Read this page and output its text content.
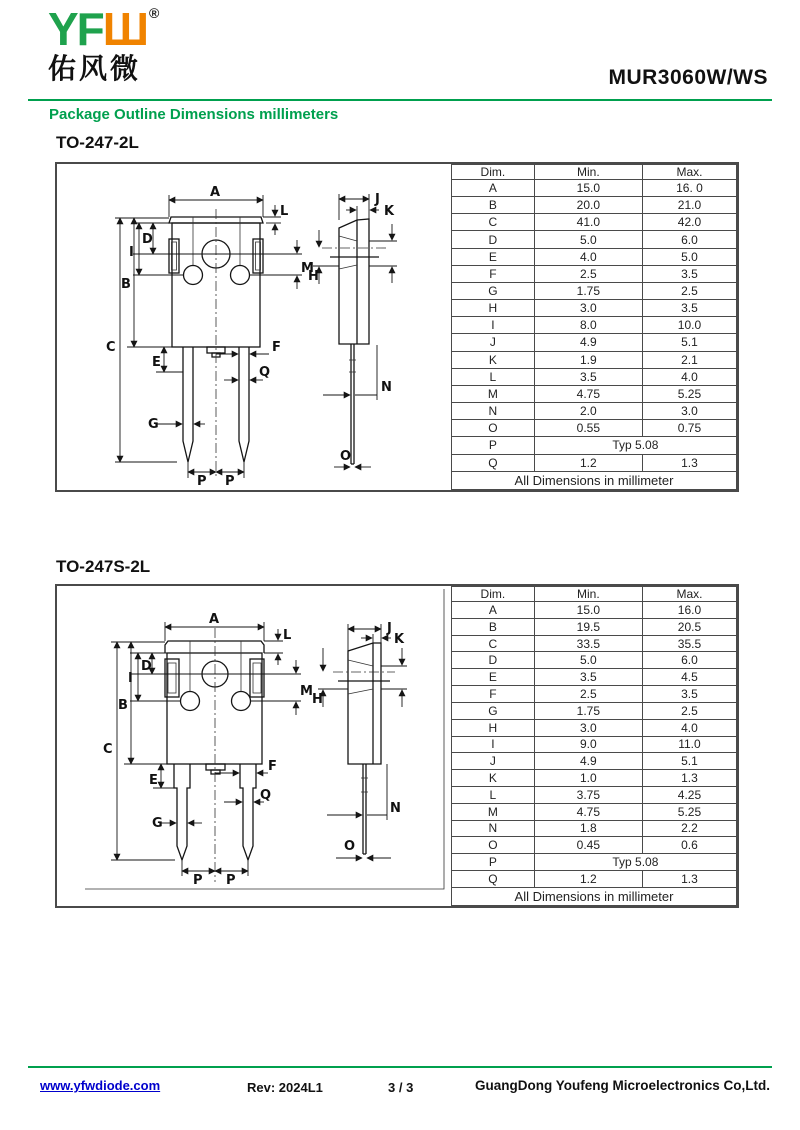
YFШ®
佑风微	MUR3060W/WS
Package Outline Dimensions millimeters
TO-247-2L
A
L
C
B
D
I
M
E
F
Q
G
P P
J
K
H
N
O
Dim.	Min.	Max.
A	15.0	16. 0
B	20.0	21.0
C	41.0	42.0
D	5.0	6.0
E	4.0	5.0
F	2.5	3.5
G	1.75	2.5
H	3.0	3.5
I	8.0	10.0
J	4.9	5.1
K	1.9	2.1
L	3.5	4.0
M	4.75	5.25
N	2.0	3.0
O	0.55	0.75
P	Typ 5.08	
Q	1.2	1.3
All Dimensions in millimeter		
TO-247S-2L
A
L
C
B
D
I
M
E
F
Q
G
P P
J
K
H
N
O
Dim.	Min.	Max.
A	15.0	16.0
B	19.5	20.5
C	33.5	35.5
D	5.0	6.0
E	3.5	4.5
F	2.5	3.5
G	1.75	2.5
H	3.0	4.0
I	9.0	11.0
J	4.9	5.1
K	1.0	1.3
L	3.75	4.25
M	4.75	5.25
N	1.8	2.2
O	0.45	0.6
P	Typ 5.08	
Q	1.2	1.3
All Dimensions in millimeter		
www.yfwdiode.com	Rev: 2024L1	3 / 3	GuangDong Youfeng Microelectronics Co,Ltd.
